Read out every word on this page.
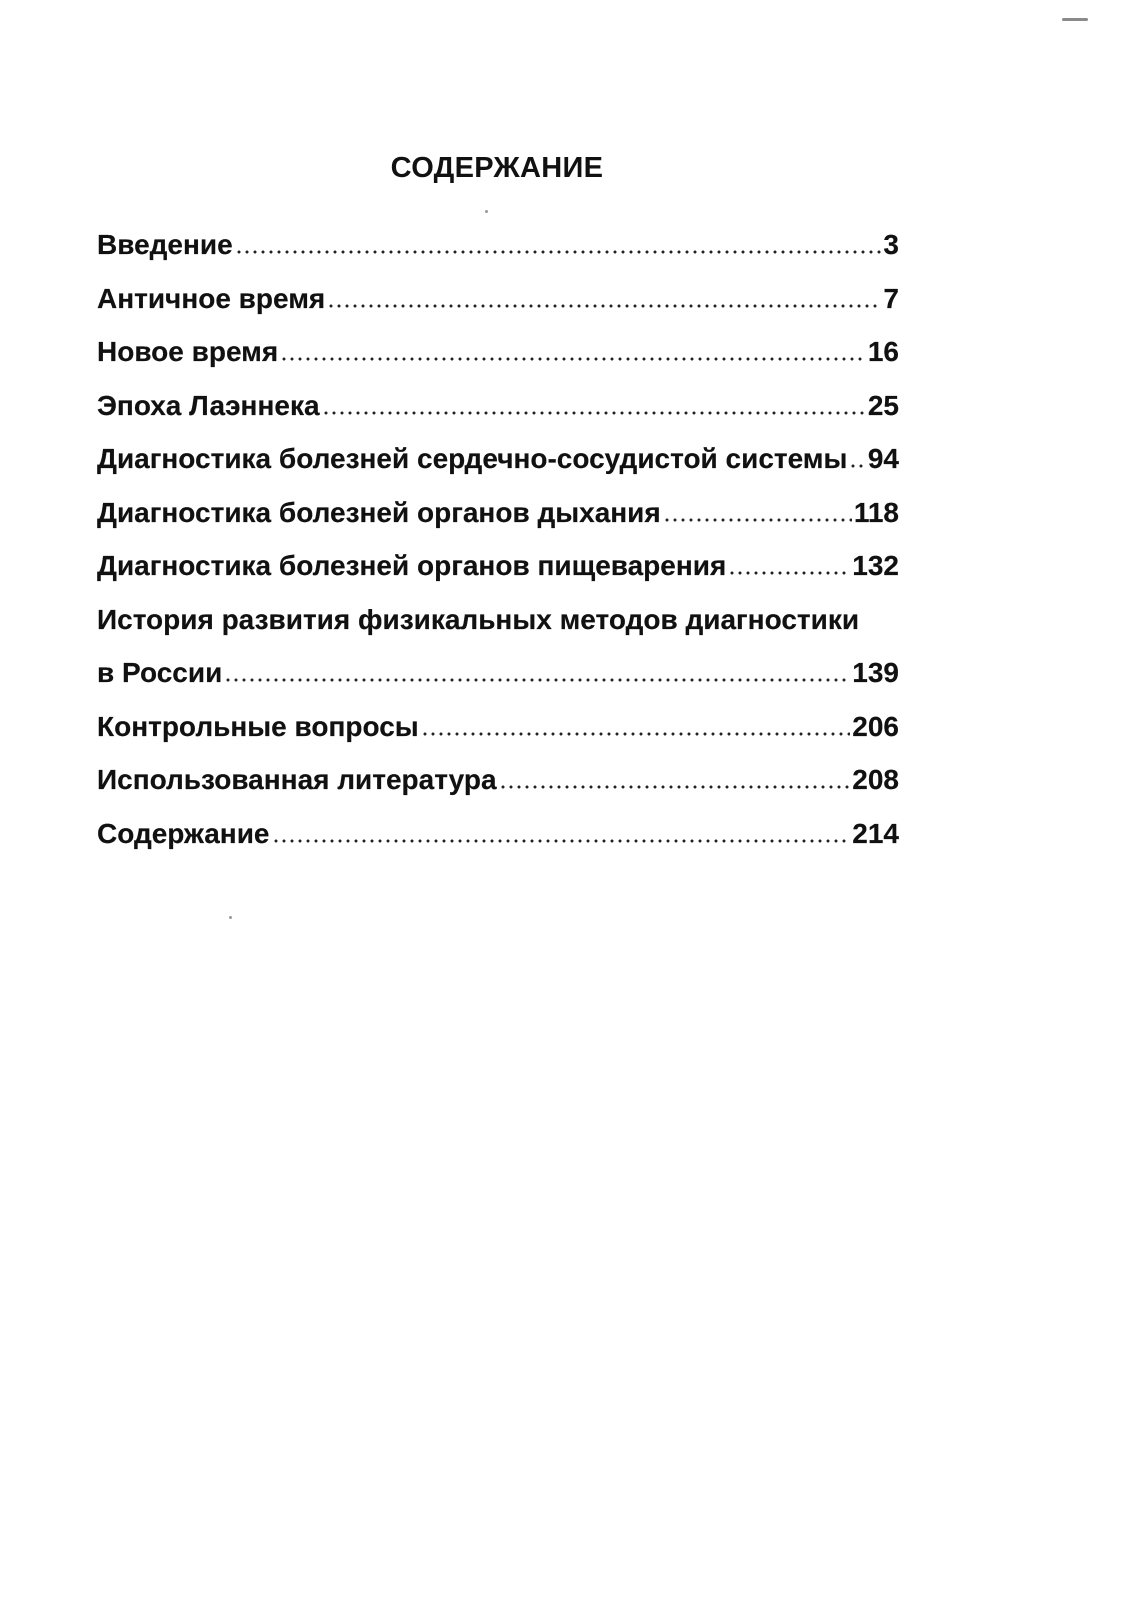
СОДЕРЖАНИЕ
Введение	3
Античное время	7
Новое время	16
Эпоха Лаэннека	25
Диагностика болезней сердечно-сосудистой системы 94
Диагностика болезней органов дыхания	118
Диагностика болезней органов пищеварения	132
История развития физикальных методов диагностики
в России	139
Контрольные вопросы	206
Использованная литература	208
Содержание	214
